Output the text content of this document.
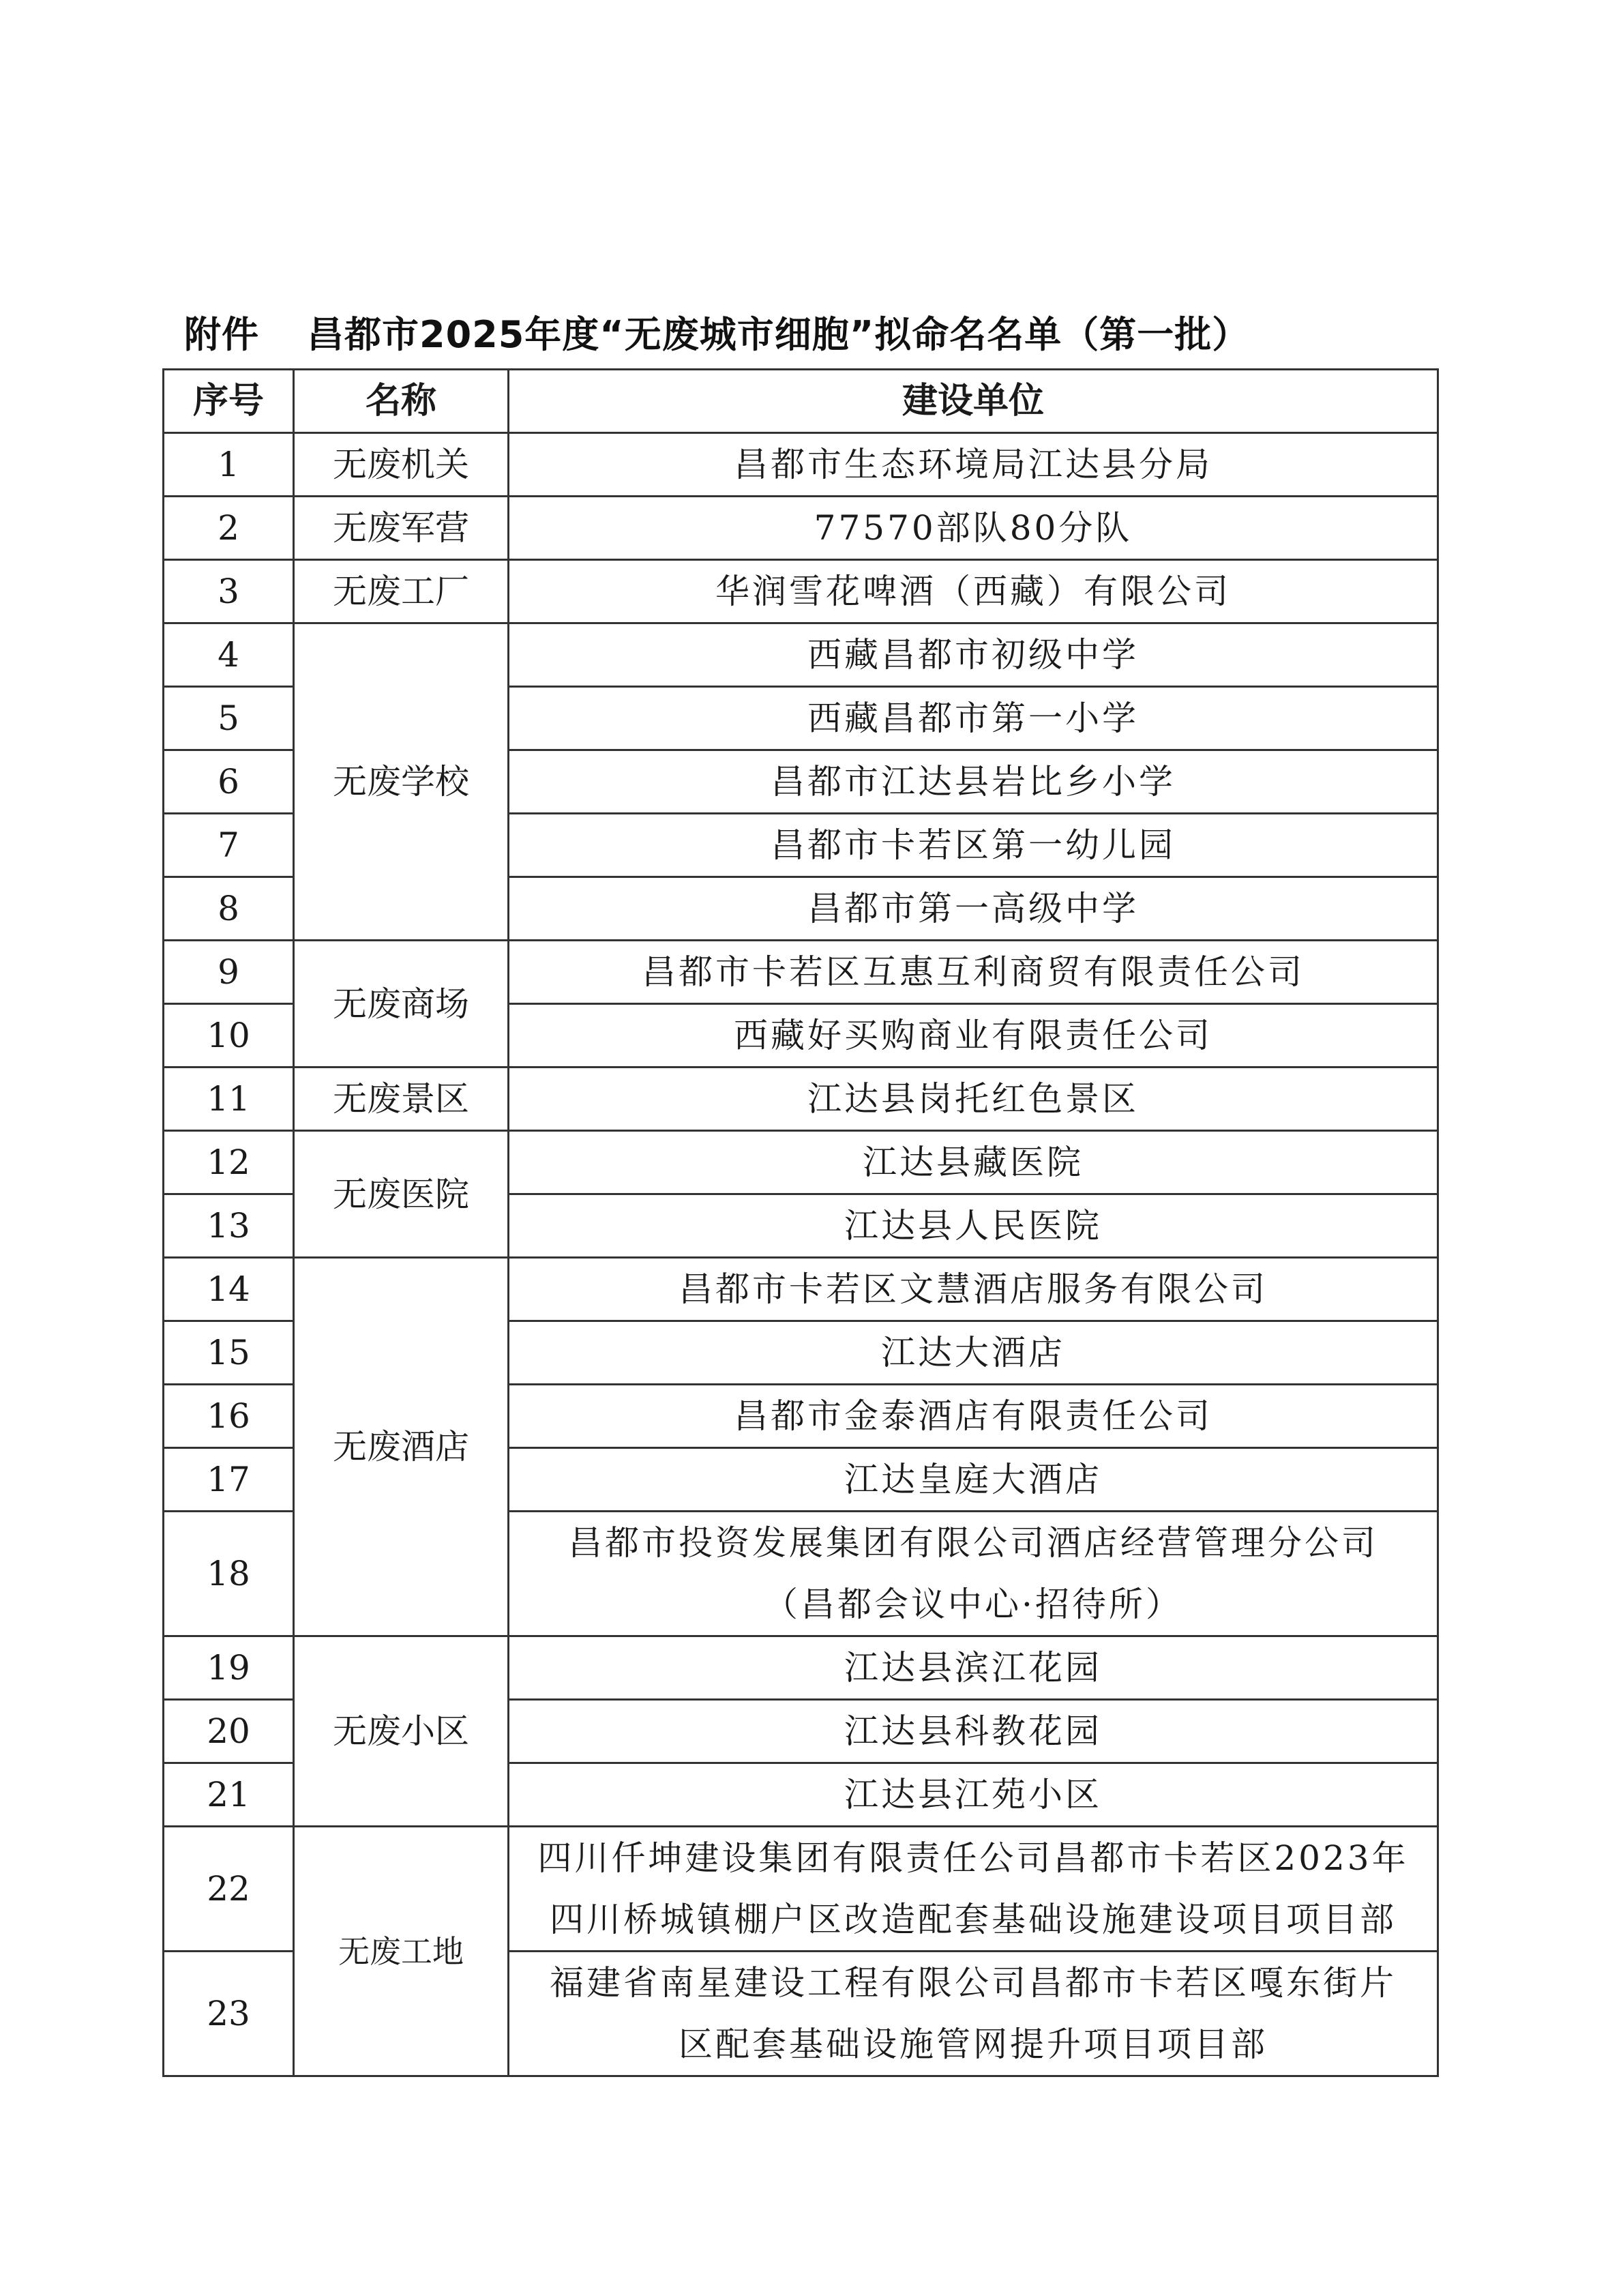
附件 昌都市2025年度“无废城市细胞”拟命名名单（第一批）
序号	名称	建设单位
1	无废机关	昌都市生态环境局江达县分局

2	无废军营	77570部队80分队

3	无废工厂	华润雪花啤酒（西藏）有限公司

4	无废学校	西藏昌都市初级中学

5		西藏昌都市第一小学

6		昌都市江达县岩比乡小学

7		昌都市卡若区第一幼儿园

8		昌都市第一高级中学

9	无废商场	昌都市卡若区互惠互利商贸有限责任公司

10		西藏好买购商业有限责任公司

11	无废景区	江达县岗托红色景区

12	无废医院	江达县藏医院

13		江达县人民医院

14	无废酒店	昌都市卡若区文慧酒店服务有限公司

15		江达大酒店

16		昌都市金泰酒店有限责任公司

17		江达皇庭大酒店

18		昌都市投资发展集团有限公司酒店经营管理分公司
（昌都会议中心·招待所）

19	无废小区	江达县滨江花园

20		江达县科教花园

21		江达县江苑小区

22	无废工地	四川仟坤建设集团有限责任公司昌都市卡若区2023年
四川桥城镇棚户区改造配套基础设施建设项目项目部

23		福建省南星建设工程有限公司昌都市卡若区嘎东街片
区配套基础设施管网提升项目项目部
